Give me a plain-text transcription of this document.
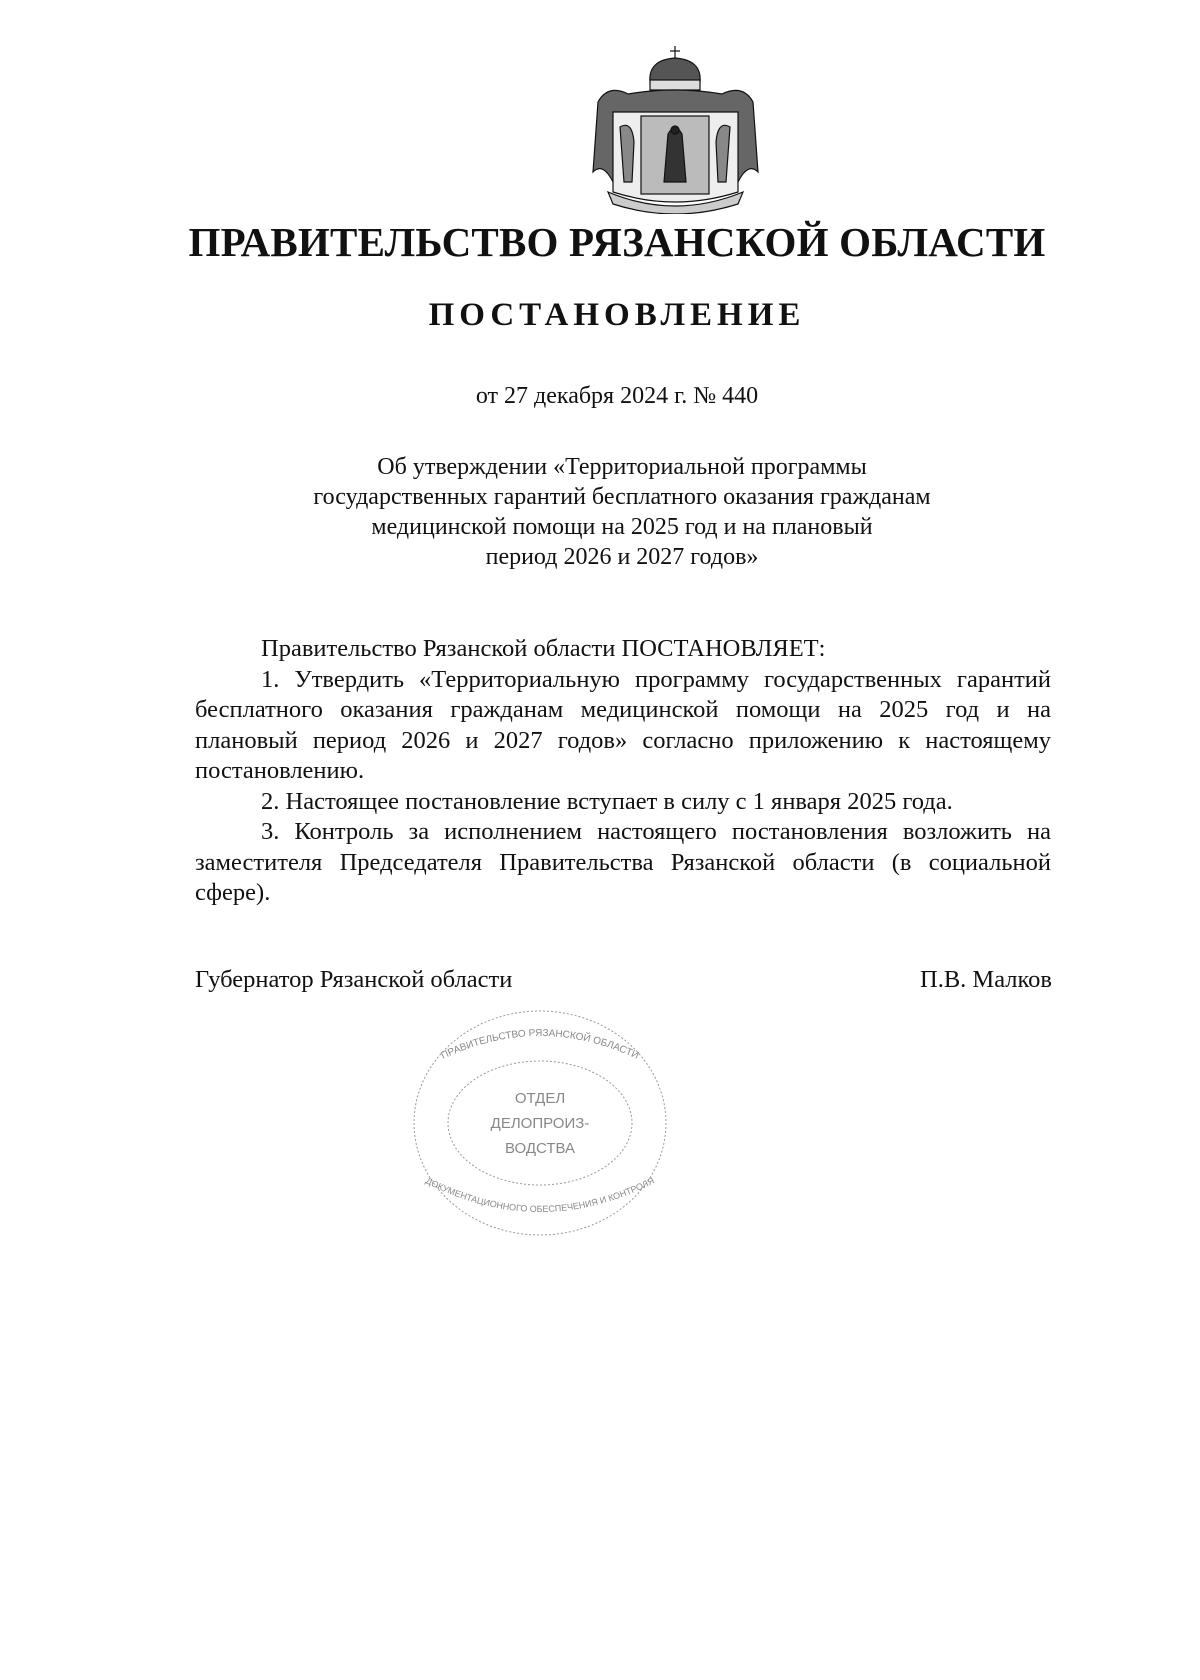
ПРАВИТЕЛЬСТВО РЯЗАНСКОЙ ОБЛАСТИ
ПОСТАНОВЛЕНИЕ
от 27 декабря 2024 г. № 440
Об утверждении «Территориальной программы
государственных гарантий бесплатного оказания гражданам
медицинской помощи на 2025 год и на плановый
период 2026 и 2027 годов»

Правительство Рязанской области ПОСТАНОВЛЯЕТ:

1. Утвердить «Территориальную программу государственных гарантий бесплатного оказания гражданам медицинской помощи на 2025 год и на плановый период 2026 и 2027 годов» согласно приложению к настоящему постановлению.

2. Настоящее постановление вступает в силу с 1 января 2025 года.

3. Контроль за исполнением настоящего постановления возложить на заместителя Председателя Правительства Рязанской области (в социальной сфере).

Губернатор Рязанской области	П.В. Малков
ПРАВИТЕЛЬСТВО РЯЗАНСКОЙ ОБЛАСТИ
ДОКУМЕНТАЦИОННОГО ОБЕСПЕЧЕНИЯ И КОНТРОЛЯ
ОТДЕЛ
ДЕЛОПРОИЗ-
ВОДСТВА
